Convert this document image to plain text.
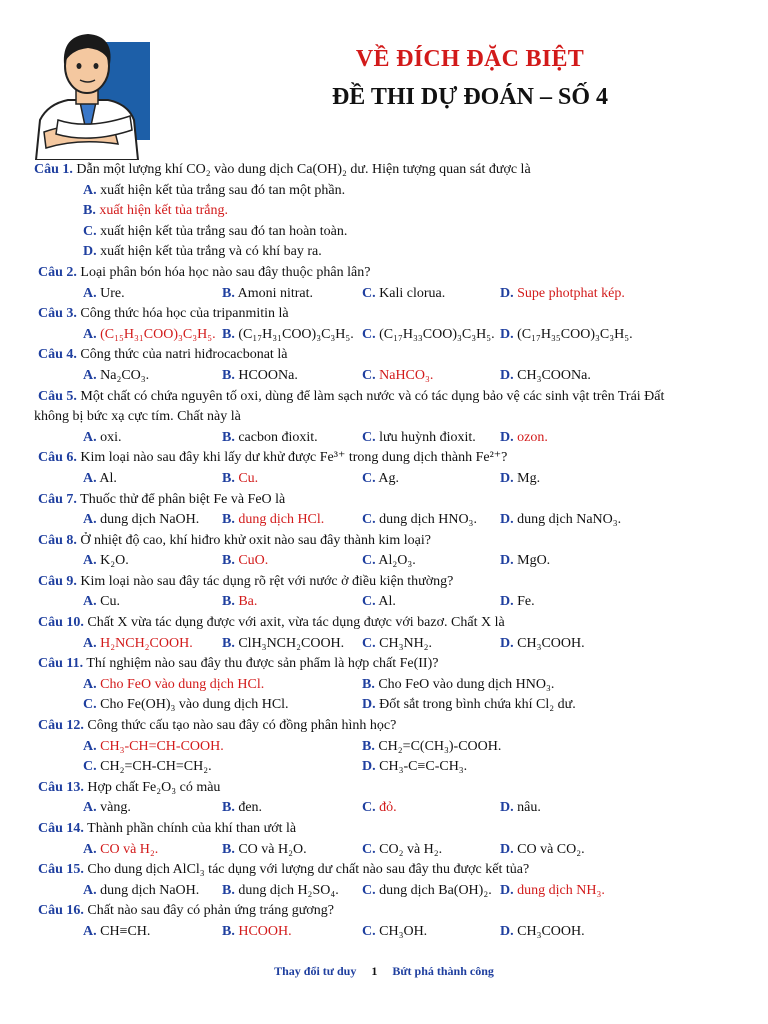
VỀ ĐÍCH ĐẶC BIỆT
ĐỀ THI DỰ ĐOÁN – SỐ 4
Câu 1. Dẫn một lượng khí CO₂ vào dung dịch Ca(OH)₂ dư. Hiện tượng quan sát được là
A. xuất hiện kết tủa trắng sau đó tan một phần.
B. xuất hiện kết tủa trắng.
C. xuất hiện kết tủa trắng sau đó tan hoàn toàn.
D. xuất hiện kết tủa trắng và có khí bay ra.
Câu 2. Loại phân bón hóa học nào sau đây thuộc phân lân?
A. Ure.	B. Amoni nitrat.	C. Kali clorua.	D. Supe photphat kép.
Câu 3. Công thức hóa học của tripanmitin là
A. (C₁₅H₃₁COO)₃C₃H₅. B. (C₁₇H₃₁COO)₃C₃H₅. C. (C₁₇H₃₃COO)₃C₃H₅. D. (C₁₇H₃₅COO)₃C₃H₅.
Câu 4. Công thức của natri hiđrocacbonat là
A. Na₂CO₃.	B. HCOONa.	C. NaHCO₃.	D. CH₃COONa.
Câu 5. Một chất có chứa nguyên tố oxi, dùng để làm sạch nước và có tác dụng bảo vệ các sinh vật trên Trái Đất
không bị bức xạ cực tím. Chất này là
A. oxi.	B. cacbon đioxit.	C. lưu huỳnh đioxit. D. ozon.
Câu 6. Kim loại nào sau đây khi lấy dư khử được Fe³⁺ trong dung dịch thành Fe²⁺?
A. Al.	B. Cu.	C. Ag.	D. Mg.
Câu 7. Thuốc thử để phân biệt Fe và FeO là
A. dung dịch NaOH. B. dung dịch HCl.	C. dung dịch HNO₃. D. dung dịch NaNO₃.
Câu 8. Ở nhiệt độ cao, khí hiđro khử oxit nào sau đây thành kim loại?
A. K₂O.	B. CuO.	C. Al₂O₃.	D. MgO.
Câu 9. Kim loại nào sau đây tác dụng rõ rệt với nước ở điều kiện thường?
A. Cu.	B. Ba.	C. Al.	D. Fe.
Câu 10. Chất X vừa tác dụng được với axit, vừa tác dụng được với bazơ. Chất X là
A. H₂NCH₂COOH. B. ClH₃NCH₂COOH. C. CH₃NH₂.	D. CH₃COOH.
Câu 11. Thí nghiệm nào sau đây thu được sản phẩm là hợp chất Fe(II)?
A. Cho FeO vào dung dịch HCl.	B. Cho FeO vào dung dịch HNO₃.
C. Cho Fe(OH)₃ vào dung dịch HCl.	D. Đốt sắt trong bình chứa khí Cl₂ dư.
Câu 12. Công thức cấu tạo nào sau đây có đồng phân hình học?
A. CH₃-CH=CH-COOH.	B. CH₂=C(CH₃)-COOH.
C. CH₂=CH-CH=CH₂.	D. CH₃-C≡C-CH₃.
Câu 13. Hợp chất Fe₂O₃ có màu
A. vàng.	B. đen.	C. đỏ.	D. nâu.
Câu 14. Thành phần chính của khí than ướt là
A. CO và H₂.	B. CO và H₂O.	C. CO₂ và H₂.	D. CO và CO₂.
Câu 15. Cho dung dịch AlCl₃ tác dụng với lượng dư chất nào sau đây thu được kết tủa?
A. dung dịch NaOH. B. dung dịch H₂SO₄. C. dung dịch Ba(OH)₂. D. dung dịch NH₃.
Câu 16. Chất nào sau đây có phản ứng tráng gương?
A. CH≡CH.	B. HCOOH.	C. CH₃OH.	D. CH₃COOH.
Thay đổi tư duy 1 Bứt phá thành công
